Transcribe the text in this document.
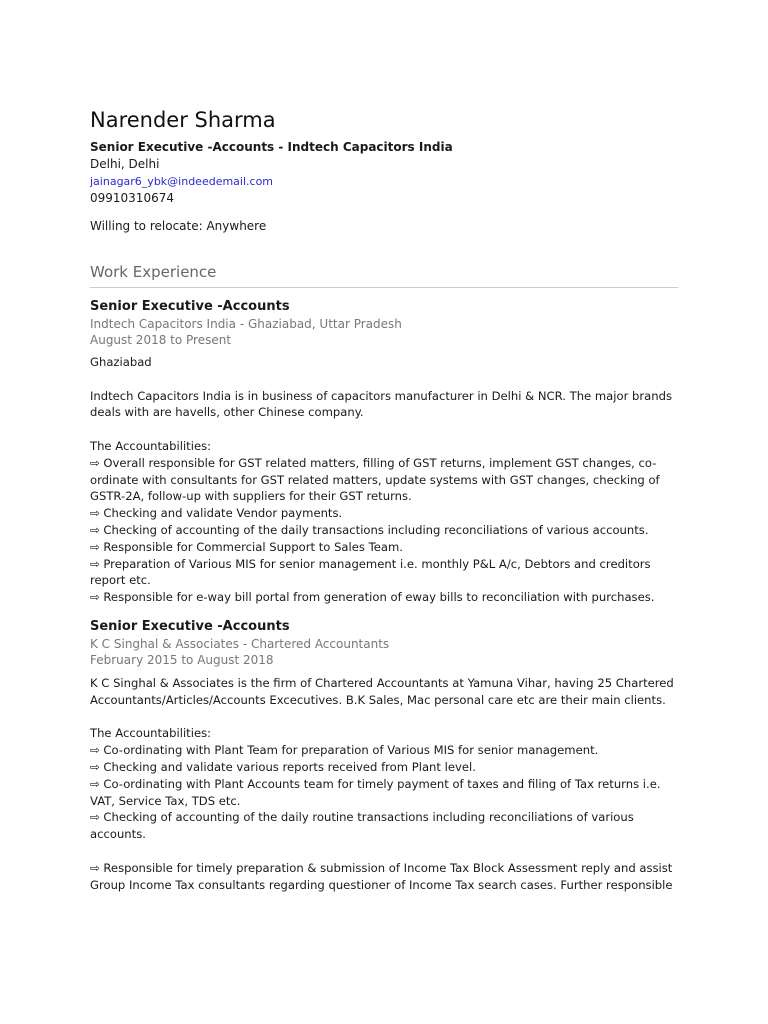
Narender Sharma
Senior Executive -Accounts - Indtech Capacitors India
Delhi, Delhi
jainagar6_ybk@indeedemail.com
09910310674
Willing to relocate: Anywhere
Work Experience

Senior Executive -Accounts

Indtech Capacitors India - Ghaziabad, Uttar Pradesh

August 2018 to Present

Ghaziabad

Indtech Capacitors India is in business of capacitors manufacturer in Delhi & NCR. The major brands deals with are havells, other Chinese company.

The Accountabilities:
⇨ Overall responsible for GST related matters, filling of GST returns, implement GST changes, co-ordinate with consultants for GST related matters, update systems with GST changes, checking of GSTR-2A, follow-up with suppliers for their GST returns.
⇨ Checking and validate Vendor payments.
⇨ Checking of accounting of the daily transactions including reconciliations of various accounts.
⇨ Responsible for Commercial Support to Sales Team.
⇨ Preparation of Various MIS for senior management i.e. monthly P&L A/c, Debtors and creditors report etc.
⇨ Responsible for e-way bill portal from generation of eway bills to reconciliation with purchases.

Senior Executive -Accounts

K C Singhal & Associates - Chartered Accountants

February 2015 to August 2018

K C Singhal & Associates is the firm of Chartered Accountants at Yamuna Vihar, having 25 Chartered Accountants/Articles/Accounts Excecutives. B.K Sales, Mac personal care etc are their main clients.

The Accountabilities:
⇨ Co-ordinating with Plant Team for preparation of Various MIS for senior management.
⇨ Checking and validate various reports received from Plant level.
⇨ Co-ordinating with Plant Accounts team for timely payment of taxes and filing of Tax returns i.e. VAT, Service Tax, TDS etc.
⇨ Checking of accounting of the daily routine transactions including reconciliations of various accounts.

⇨ Responsible for timely preparation & submission of Income Tax Block Assessment reply and assist Group Income Tax consultants regarding questioner of Income Tax search cases. Further responsible
